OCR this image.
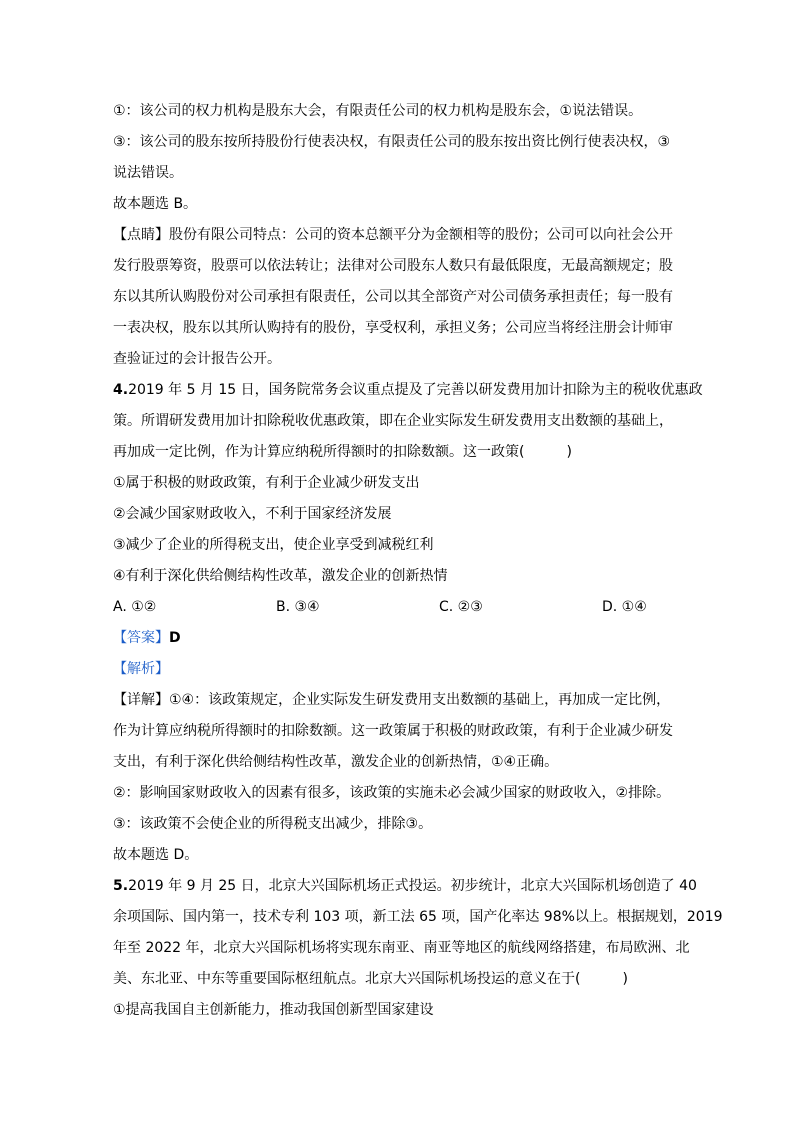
①：该公司的权力机构是股东大会，有限责任公司的权力机构是股东会，①说法错误。
③：该公司的股东按所持股份行使表决权，有限责任公司的股东按出资比例行使表决权，③
说法错误。
故本题选 B。
【点睛】股份有限公司特点：公司的资本总额平分为金额相等的股份；公司可以向社会公开
发行股票筹资，股票可以依法转让；法律对公司股东人数只有最低限度，无最高额规定；股
东以其所认购股份对公司承担有限责任，公司以其全部资产对公司债务承担责任；每一股有
一表决权，股东以其所认购持有的股份，享受权利，承担义务；公司应当将经注册会计师审
查验证过的会计报告公开。
4.2019 年 5 月 15 日，国务院常务会议重点提及了完善以研发费用加计扣除为主的税收优惠政
策。所谓研发费用加计扣除税收优惠政策，即在企业实际发生研发费用支出数额的基础上，
再加成一定比例，作为计算应纳税所得额时的扣除数额。这一政策(　　　)
①属于积极的财政政策，有利于企业减少研发支出
②会减少国家财政收入，不利于国家经济发展
③减少了企业的所得税支出，使企业享受到减税红利
④有利于深化供给侧结构性改革，激发企业的创新热情
A. ①②	B. ③④	C. ②③	D. ①④
【答案】D
【解析】
【详解】①④：该政策规定，企业实际发生研发费用支出数额的基础上，再加成一定比例，
作为计算应纳税所得额时的扣除数额。这一政策属于积极的财政政策，有利于企业减少研发
支出，有利于深化供给侧结构性改革，激发企业的创新热情，①④正确。
②：影响国家财政收入的因素有很多，该政策的实施未必会减少国家的财政收入，②排除。
③：该政策不会使企业的所得税支出减少，排除③。
故本题选 D。
5.2019 年 9 月 25 日，北京大兴国际机场正式投运。初步统计，北京大兴国际机场创造了 40
余项国际、国内第一，技术专利 103 项，新工法 65 项，国产化率达 98%以上。根据规划，2019
年至 2022 年，北京大兴国际机场将实现东南亚、南亚等地区的航线网络搭建，布局欧洲、北
美、东北亚、中东等重要国际枢纽航点。北京大兴国际机场投运的意义在于(　　　)
①提高我国自主创新能力，推动我国创新型国家建设
